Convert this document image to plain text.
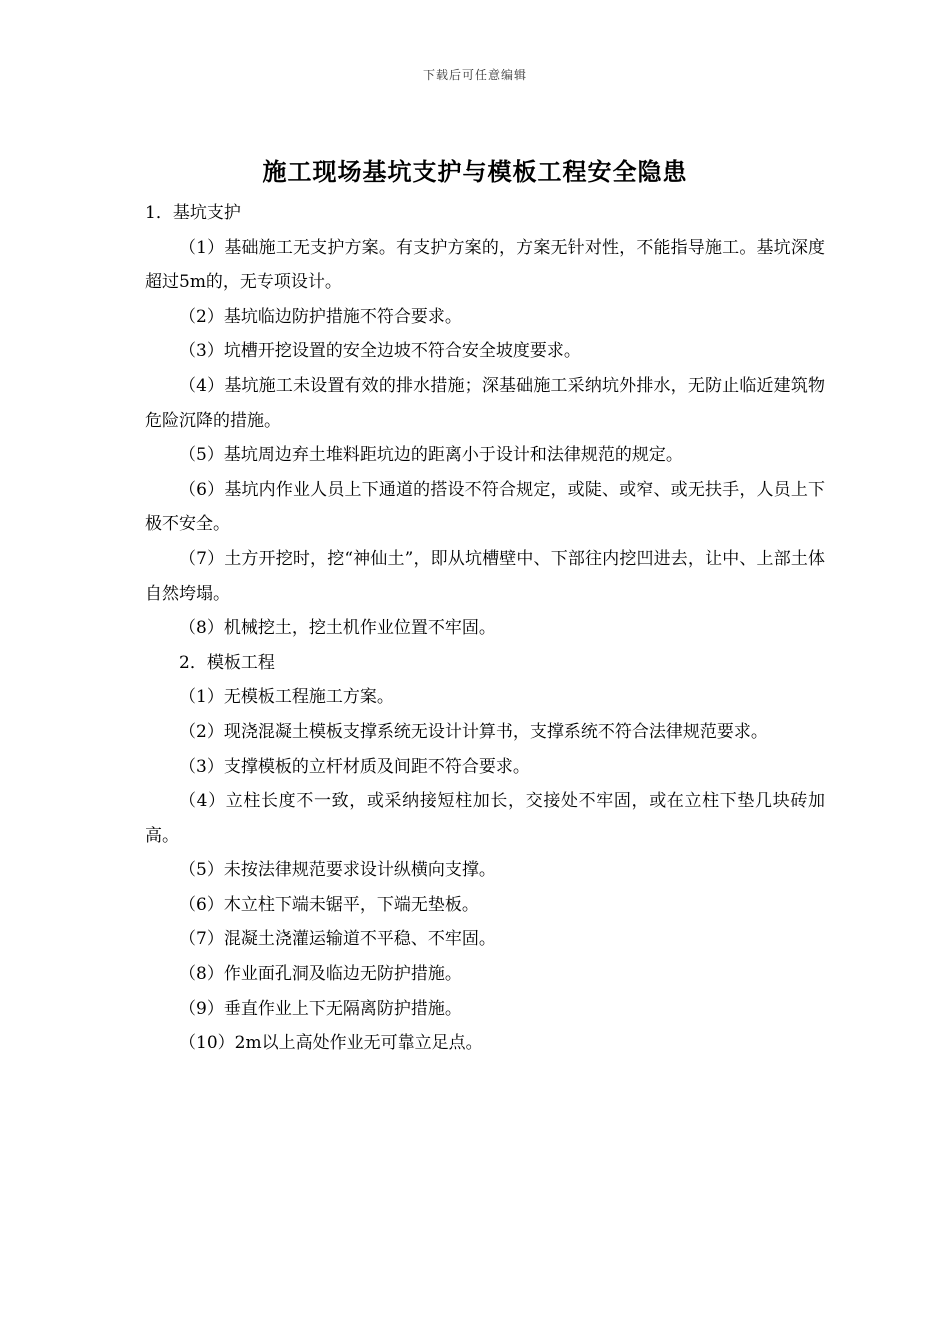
下载后可任意编辑
施工现场基坑支护与模板工程安全隐患

1．基坑支护

（1）基础施工无支护方案。有支护方案的，方案无针对性，不能指导施工。基坑深度超过5m的，无专项设计。

（2）基坑临边防护措施不符合要求。

（3）坑槽开挖设置的安全边坡不符合安全坡度要求。

（4）基坑施工未设置有效的排水措施；深基础施工采纳坑外排水，无防止临近建筑物危险沉降的措施。

（5）基坑周边弃土堆料距坑边的距离小于设计和法律规范的规定。

（6）基坑内作业人员上下通道的搭设不符合规定，或陡、或窄、或无扶手，人员上下极不安全。

（7）土方开挖时，挖“神仙土”，即从坑槽壁中、下部往内挖凹进去，让中、上部土体自然垮塌。

（8）机械挖土，挖土机作业位置不牢固。

2．模板工程

（1）无模板工程施工方案。

（2）现浇混凝土模板支撑系统无设计计算书，支撑系统不符合法律规范要求。

（3）支撑模板的立杆材质及间距不符合要求。

（4）立柱长度不一致，或采纳接短柱加长，交接处不牢固，或在立柱下垫几块砖加高。

（5）未按法律规范要求设计纵横向支撑。

（6）木立柱下端未锯平，下端无垫板。

（7）混凝土浇灌运输道不平稳、不牢固。

（8）作业面孔洞及临边无防护措施。

（9）垂直作业上下无隔离防护措施。

（10）2m以上高处作业无可靠立足点。
